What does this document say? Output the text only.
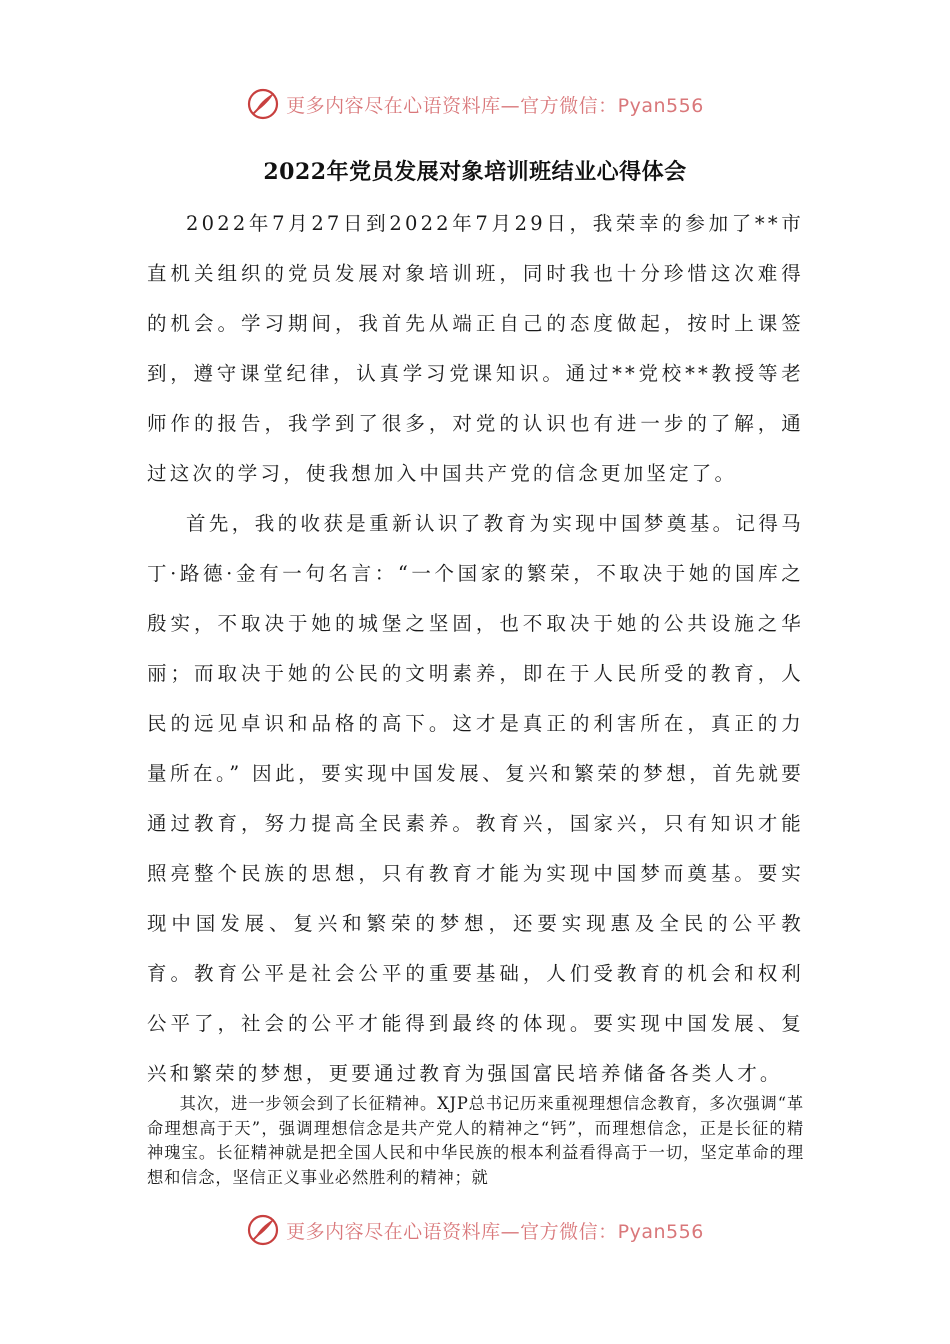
更多内容尽在心语资料库—官方微信：Pyan556
2022年党员发展对象培训班结业心得体会

2022年7月27日到2022年7月29日，我荣幸的参加了**市直机关组织的党员发展对象培训班，同时我也十分珍惜这次难得的机会。学习期间，我首先从端正自己的态度做起，按时上课签到，遵守课堂纪律，认真学习党课知识。通过**党校**教授等老师作的报告，我学到了很多，对党的认识也有进一步的了解，通过这次的学习，使我想加入中国共产党的信念更加坚定了。

首先，我的收获是重新认识了教育为实现中国梦奠基。记得马丁·路德·金有一句名言：“一个国家的繁荣，不取决于她的国库之殷实，不取决于她的城堡之坚固，也不取决于她的公共设施之华丽；而取决于她的公民的文明素养，即在于人民所受的教育，人民的远见卓识和品格的高下。这才是真正的利害所在，真正的力量所在。” 因此，要实现中国发展、复兴和繁荣的梦想，首先就要通过教育，努力提高全民素养。教育兴，国家兴，只有知识才能照亮整个民族的思想，只有教育才能为实现中国梦而奠基。要实现中国发展、复兴和繁荣的梦想，还要实现惠及全民的公平教育。教育公平是社会公平的重要基础，人们受教育的机会和权利公平了，社会的公平才能得到最终的体现。要实现中国发展、复兴和繁荣的梦想，更要通过教育为强国富民培养储备各类人才。

其次，进一步领会到了长征精神。XJP总书记历来重视理想信念教育，多次强调“革命理想高于天”，强调理想信念是共产党人的精神之“钙”，而理想信念，正是长征的精神瑰宝。长征精神就是把全国人民和中华民族的根本利益看得高于一切，坚定革命的理想和信念，坚信正义事业必然胜利的精神；就

更多内容尽在心语资料库—官方微信：Pyan556
